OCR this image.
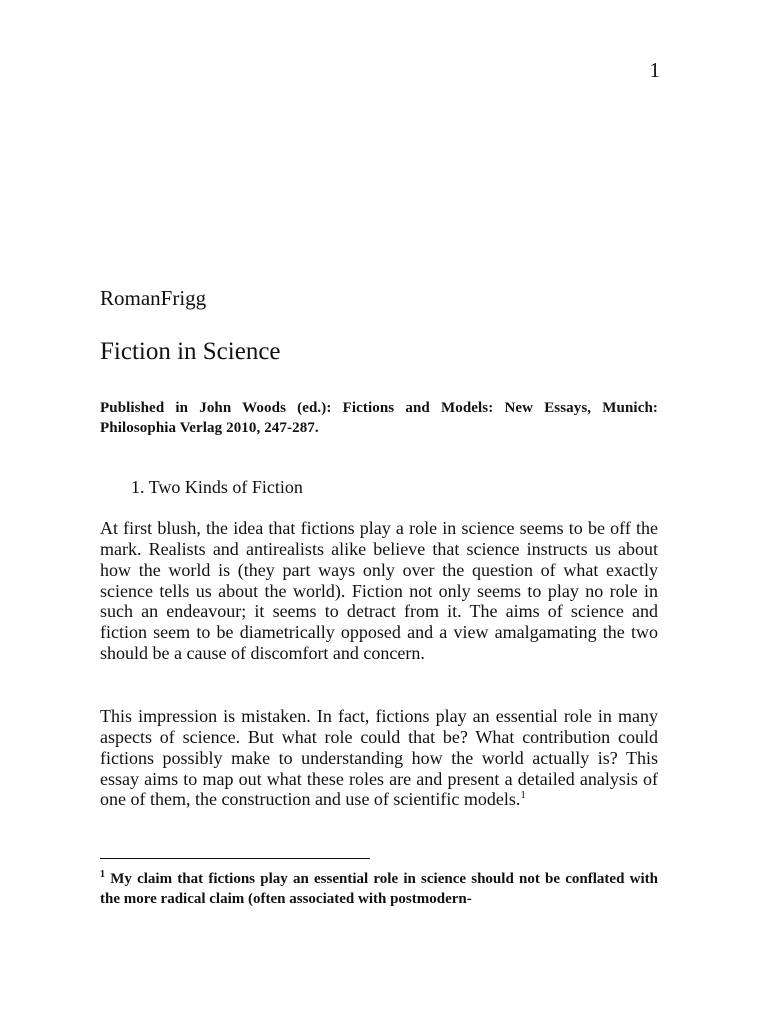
1
RomanFrigg
Fiction in Science
Published in John Woods (ed.): Fictions and Models: New Essays, Munich: Philosophia Verlag 2010, 247-287.
1. Two Kinds of Fiction
At first blush, the idea that fictions play a role in science seems to be off the mark. Realists and antirealists alike believe that science instructs us about how the world is (they part ways only over the question of what exactly science tells us about the world). Fiction not only seems to play no role in such an endeavour; it seems to detract from it. The aims of science and fiction seem to be diametrically opposed and a view amalgamating the two should be a cause of discomfort and concern.
This impression is mistaken. In fact, fictions play an essential role in many aspects of science. But what role could that be? What contribution could fictions possibly make to understanding how the world actually is? This essay aims to map out what these roles are and present a detailed analysis of one of them, the construction and use of scientific models.$^1$
$^1$ My claim that fictions play an essential role in science should not be conflated with the more radical claim (often associated with postmodern-
